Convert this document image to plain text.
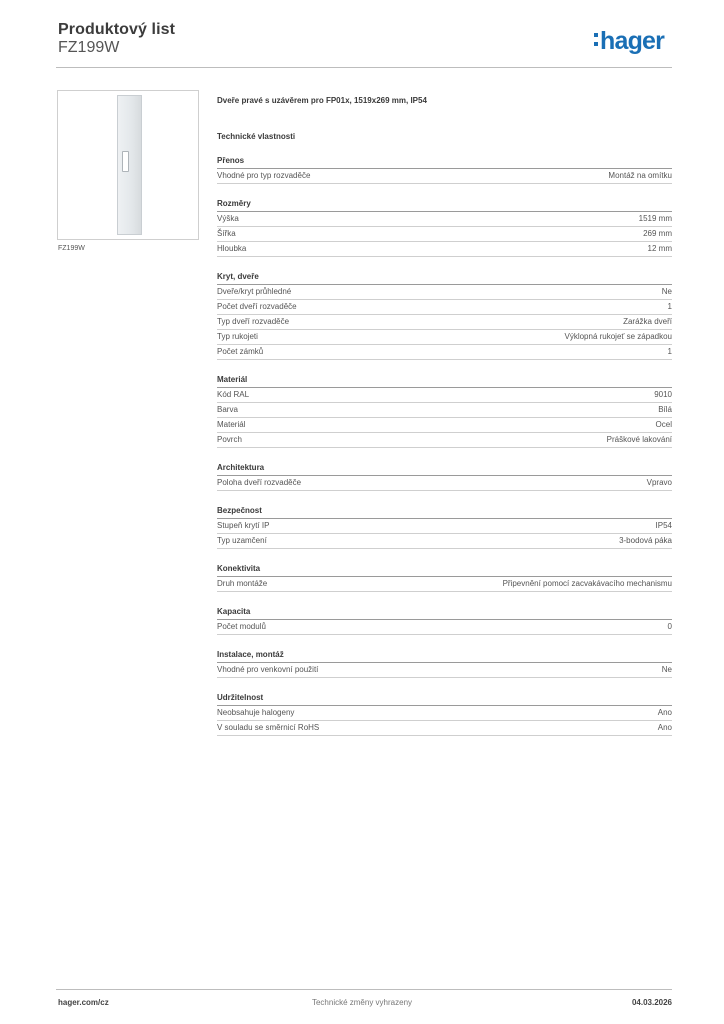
Produktový list
FZ199W	hager
FZ199W
Dveře pravé s uzávěrem pro FP01x, 1519x269 mm, IP54
Technické vlastnosti
Přenos
Vhodné pro typ rozvaděče	Montáž na omítku
Rozměry
Výška	1519 mm
Šířka	269 mm
Hloubka	12 mm
Kryt, dveře
Dveře/kryt průhledné	Ne
Počet dveří rozvaděče	1
Typ dveří rozvaděče	Zarážka dveří
Typ rukojeti	Výklopná rukojeť se západkou
Počet zámků	1
Materiál
Kód RAL	9010
Barva	Bílá
Materiál	Ocel
Povrch	Práškové lakování
Architektura
Poloha dveří rozvaděče	Vpravo
Bezpečnost
Stupeň krytí IP	IP54
Typ uzamčení	3-bodová páka
Konektivita
Druh montáže	Připevnění pomocí zacvakávacího mechanismu
Kapacita
Počet modulů	0
Instalace, montáž
Vhodné pro venkovní použití	Ne
Udržitelnost
Neobsahuje halogeny	Ano
V souladu se směrnicí RoHS	Ano
Technické změny vyhrazeny
hager.com/cz	04.03.2026
